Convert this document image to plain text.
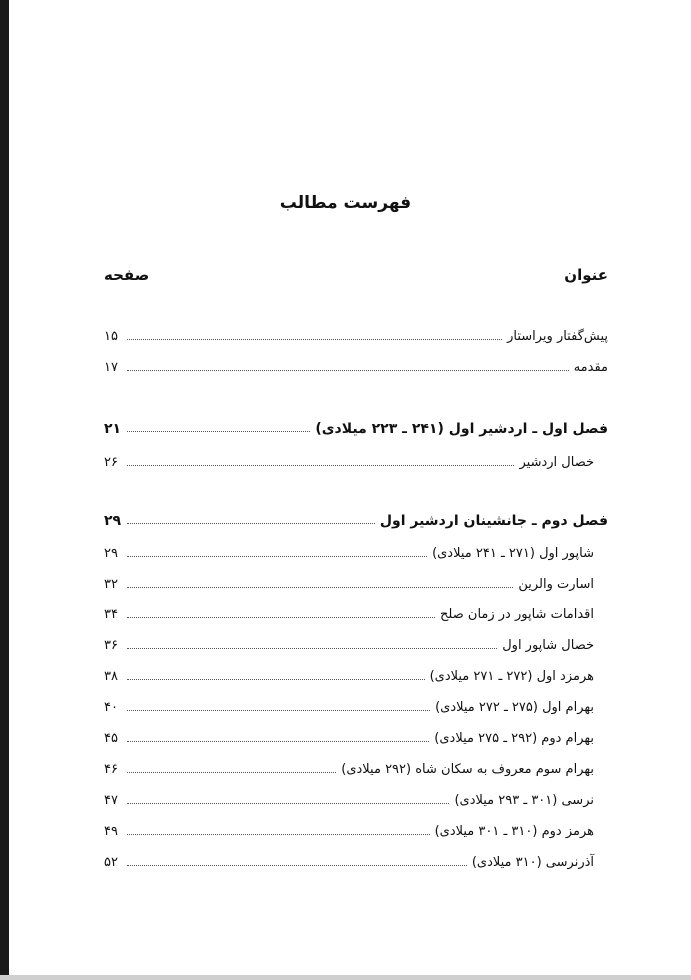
فهرست مطالب
عنوان
صفحه
پیش‌گفتار ویراستار
۱۵
مقدمه
۱۷
فصل اول ـ اردشیر اول (۲۴۱ ـ ۲۲۳ میلادی)
۲۱
خصال اردشیر
۲۶
فصل دوم ـ جانشینان اردشیر اول
۲۹
شاپور اول (۲۷۱ ـ ۲۴۱ میلادی)
۲۹
اسارت والرین
۳۲
اقدامات شاپور در زمان صلح
۳۴
خصال شاپور اول
۳۶
هرمزد اول (۲۷۲ ـ ۲۷۱ میلادی)
۳۸
بهرام اول (۲۷۵ ـ ۲۷۲ میلادی)
۴۰
بهرام دوم (۲۹۲ ـ ۲۷۵ میلادی)
۴۵
بهرام سوم معروف به سکان شاه (۲۹۲ میلادی)
۴۶
نرسی (۳۰۱ ـ ۲۹۳ میلادی)
۴۷
هرمز دوم (۳۱۰ ـ ۳۰۱ میلادی)
۴۹
آذرنرسی (۳۱۰ میلادی)
۵۲
